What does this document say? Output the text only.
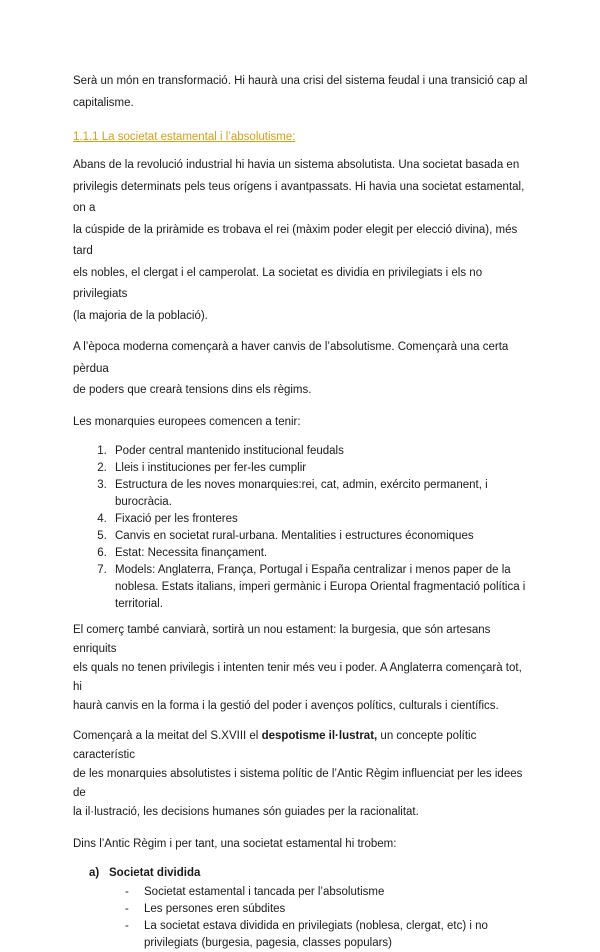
Serà un món en transformació. Hi haurà una crisi del sistema feudal i una transició cap al
capitalisme.

1.1.1 La societat estamental i l’absolutisme:

Abans de la revolució industrial hi havia un sistema absolutista. Una societat basada en
privilegis determinats pels teus orígens i avantpassats. Hi havia una societat estamental, on a
la cúspide de la priràmide es trobava el rei (màxim poder elegit per elecció divina), més tard
els nobles, el clergat i el camperolat. La societat es dividia en privilegiats i els no privilegiats
(la majoria de la població).

A l’època moderna començarà a haver canvis de l’absolutisme. Començarà una certa pèrdua
de poders que crearà tensions dins els règims.

Les monarquies europees comencen a tenir:

1. Poder central mantenido institucional feudals
2. Lleis i instituciones per fer-les cumplir
3. Estructura de les noves monarquies:rei, cat, admin, exército permanent, i burocràcia.
4. Fixació per les fronteres
5. Canvis en societat rural-urbana. Mentalities i estructures économiques
6. Estat: Necessita finançament.
7. Models: Anglaterra, França, Portugal i España centralizar i menos paper de la
noblesa. Estats italians, imperi germànic i Europa Oriental fragmentació política i
territorial.

El comerç també canviarà, sortirà un nou estament: la burgesia, que són artesans enriquits
els quals no tenen privilegis i intenten tenir més veu i poder. A Anglaterra començarà tot, hi
haurà canvis en la forma i la gestió del poder i avenços polítics, culturals i científics.

Començarà a la meitat del S.XVIII el despotisme il·lustrat, un concepte polític característic
de les monarquies absolutistes i sistema polític de l’Antic Règim influenciat per les idees de
la il·lustració, les decisions humanes són guiades per la racionalitat.

Dins l’Antic Règim i per tant, una societat estamental hi trobem:

a) Societat dividida
- Societat estamental i tancada per l’absolutisme
- Les persones eren súbdites
- La societat estava dividida en privilegiats (noblesa, clergat, etc) i no
privilegiats (burgesia, pagesia, classes populars)
